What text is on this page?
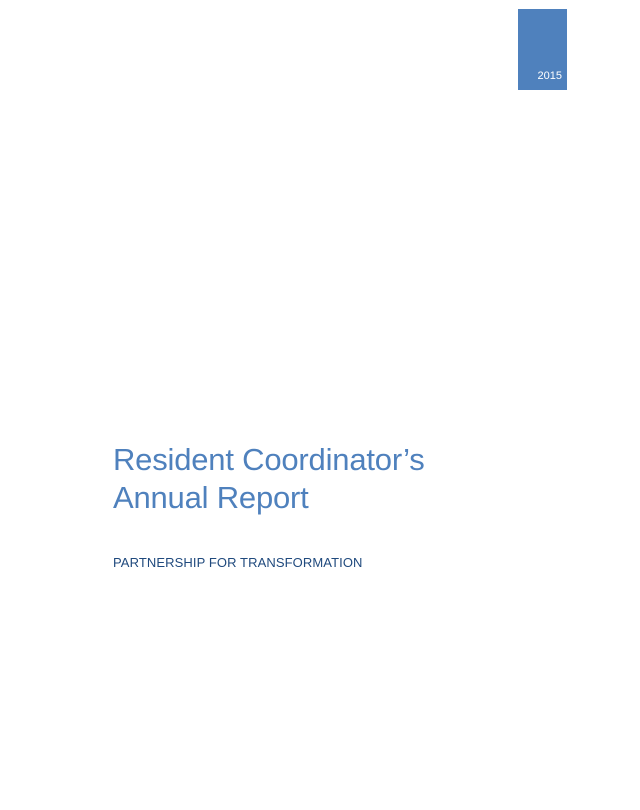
2015
Resident Coordinator’s
Annual Report

PARTNERSHIP FOR TRANSFORMATION
